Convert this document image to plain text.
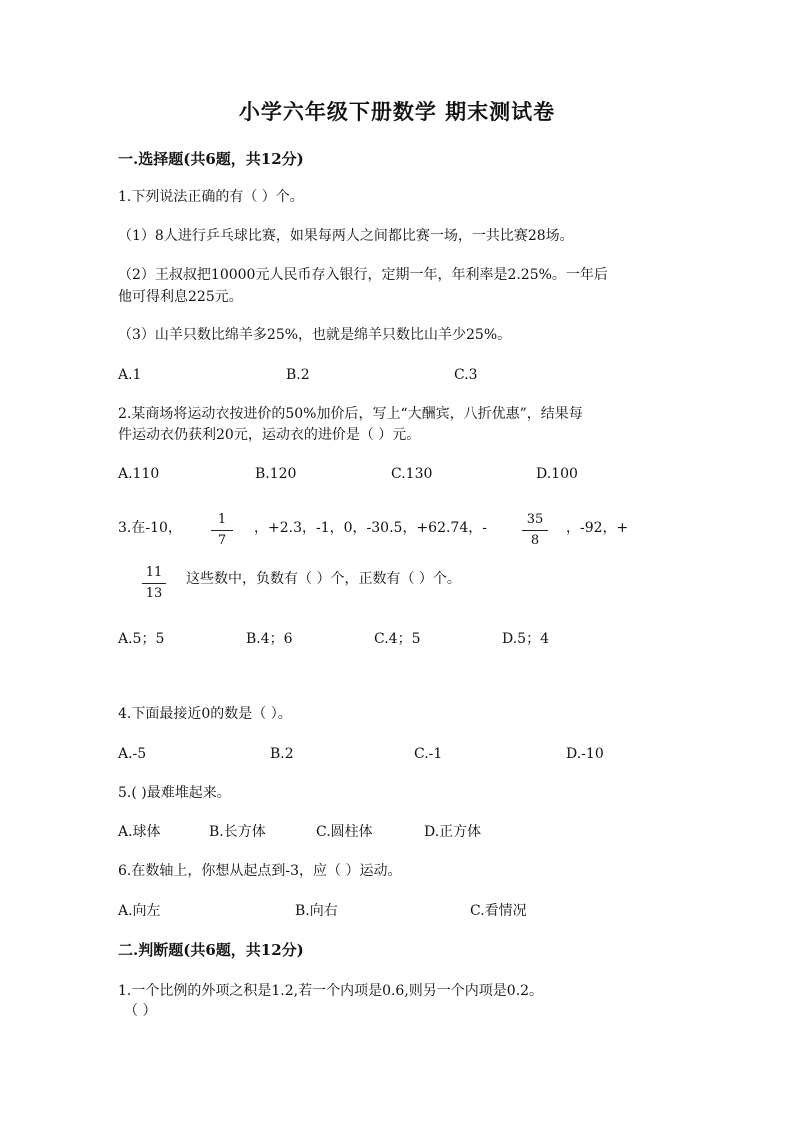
小学六年级下册数学 期末测试卷
一.选择题(共6题，共12分)
1.下列说法正确的有（ ）个。
（1）8人进行乒乓球比赛，如果每两人之间都比赛一场，一共比赛28场。
（2）王叔叔把10000元人民币存入银行，定期一年，年利率是2.25%。一年后
他可得利息225元。
（3）山羊只数比绵羊多25%，也就是绵羊只数比山羊少25%。
A.1	B.2	C.3
2.某商场将运动衣按进价的50%加价后，写上“大酬宾，八折优惠”，结果每
件运动衣仍获利20元，运动衣的进价是（ ）元。
A.110	B.120	C.130	D.100
3.在-10，
1
7
，+2.3，-1，0，-30.5，+62.74，-
35
8
，-92，+
11
13
这些数中，负数有（ ）个，正数有（ ）个。
A.5；5	B.4；6	C.4；5	D.5；4
4.下面最接近0的数是（ ）。
A.-5	B.2	C.-1	D.-10
5.( )最难堆起来。
A.球体	B.长方体	C.圆柱体	D.正方体
6.在数轴上，你想从起点到-3，应（ ）运动。
A.向左	B.向右	C.看情况
二.判断题(共6题，共12分)
1.一个比例的外项之积是1.2,若一个内项是0.6,则另一个内项是0.2。
（ ）
